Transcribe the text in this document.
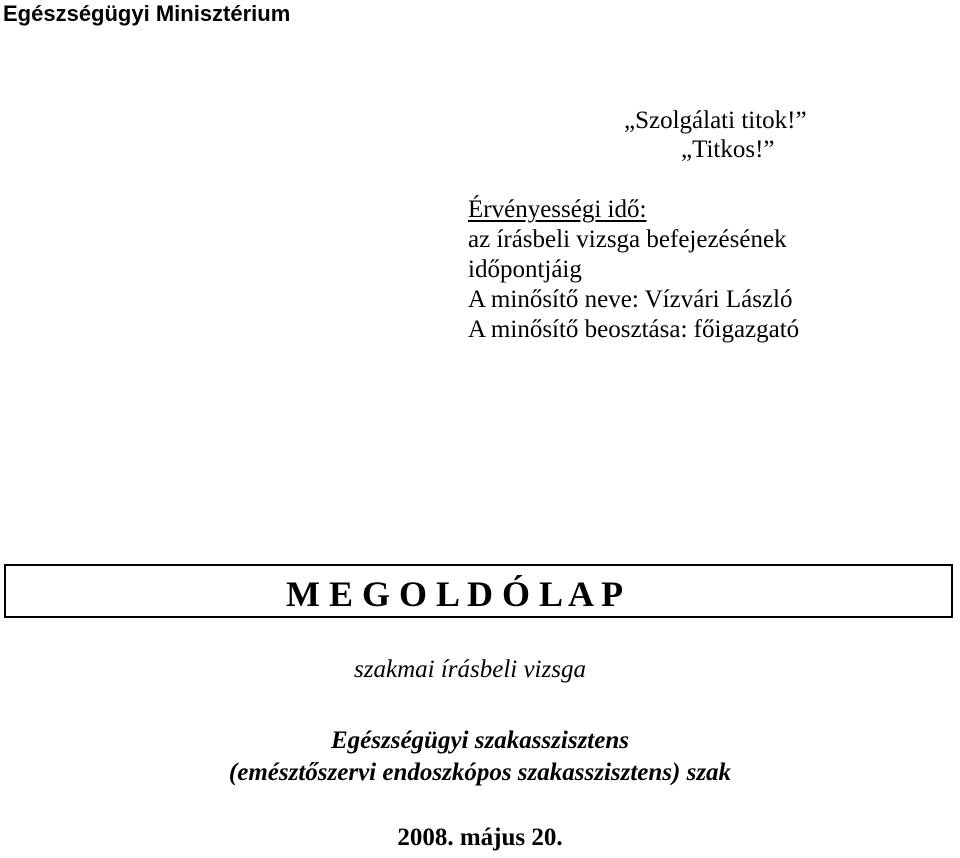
Egészségügyi Minisztérium
„Szolgálati titok!”
„Titkos!”
Érvényességi idő:
az írásbeli vizsga befejezésének
időpontjáig
A minősítő neve: Vízvári László
A minősítő beosztása: főigazgató
M E G O L D Ó L A P
szakmai írásbeli vizsga
Egészségügyi szakasszisztens
(emésztőszervi endoszkópos szakasszisztens) szak
2008. május 20.
